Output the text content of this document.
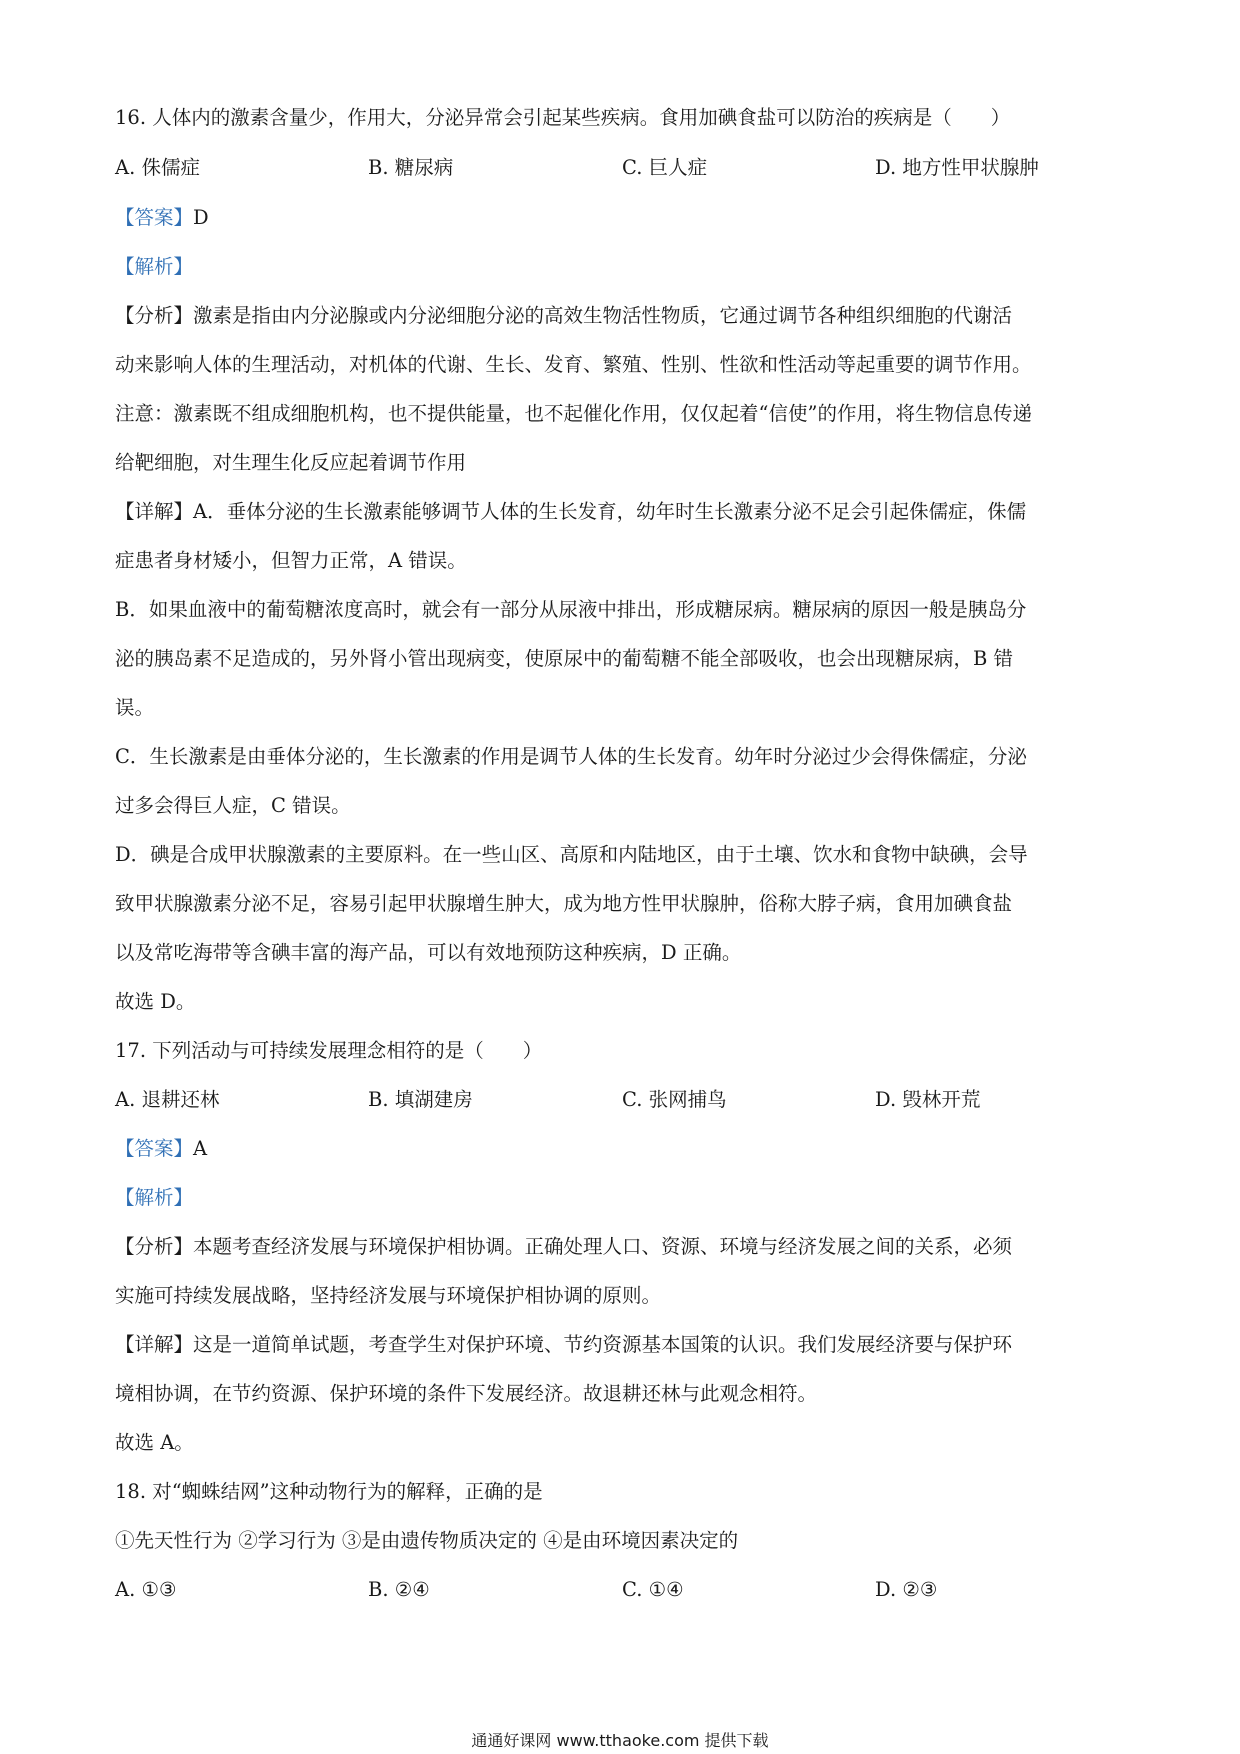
16. 人体内的激素含量少，作用大，分泌异常会引起某些疾病。食用加碘食盐可以防治的疾病是（　　）
A. 侏儒症	B. 糖尿病	C. 巨人症	D. 地方性甲状腺肿
【答案】D
【解析】
【分析】激素是指由内分泌腺或内分泌细胞分泌的高效生物活性物质，它通过调节各种组织细胞的代谢活
动来影响人体的生理活动，对机体的代谢、生长、发育、繁殖、性别、性欲和性活动等起重要的调节作用。
注意：激素既不组成细胞机构，也不提供能量，也不起催化作用，仅仅起着“信使”的作用，将生物信息传递
给靶细胞，对生理生化反应起着调节作用
【详解】A．垂体分泌的生长激素能够调节人体的生长发育，幼年时生长激素分泌不足会引起侏儒症，侏儒
症患者身材矮小，但智力正常，A 错误。
B．如果血液中的葡萄糖浓度高时，就会有一部分从尿液中排出，形成糖尿病。糖尿病的原因一般是胰岛分
泌的胰岛素不足造成的，另外肾小管出现病变，使原尿中的葡萄糖不能全部吸收，也会出现糖尿病，B 错
误。
C．生长激素是由垂体分泌的，生长激素的作用是调节人体的生长发育。幼年时分泌过少会得侏儒症，分泌
过多会得巨人症，C 错误。
D．碘是合成甲状腺激素的主要原料。在一些山区、高原和内陆地区，由于土壤、饮水和食物中缺碘，会导
致甲状腺激素分泌不足，容易引起甲状腺增生肿大，成为地方性甲状腺肿，俗称大脖子病，食用加碘食盐
以及常吃海带等含碘丰富的海产品，可以有效地预防这种疾病，D 正确。
故选 D。
17. 下列活动与可持续发展理念相符的是（　　）
A. 退耕还林	B. 填湖建房	C. 张网捕鸟	D. 毁林开荒
【答案】A
【解析】
【分析】本题考查经济发展与环境保护相协调。正确处理人口、资源、环境与经济发展之间的关系，必须
实施可持续发展战略，坚持经济发展与环境保护相协调的原则。
【详解】这是一道简单试题，考查学生对保护环境、节约资源基本国策的认识。我们发展经济要与保护环
境相协调，在节约资源、保护环境的条件下发展经济。故退耕还林与此观念相符。
故选 A。
18. 对“蜘蛛结网”这种动物行为的解释，正确的是
①先天性行为 ②学习行为 ③是由遗传物质决定的 ④是由环境因素决定的
A. ①③	B. ②④	C. ①④	D. ②③
通通好课网 www.tthaoke.com 提供下载
